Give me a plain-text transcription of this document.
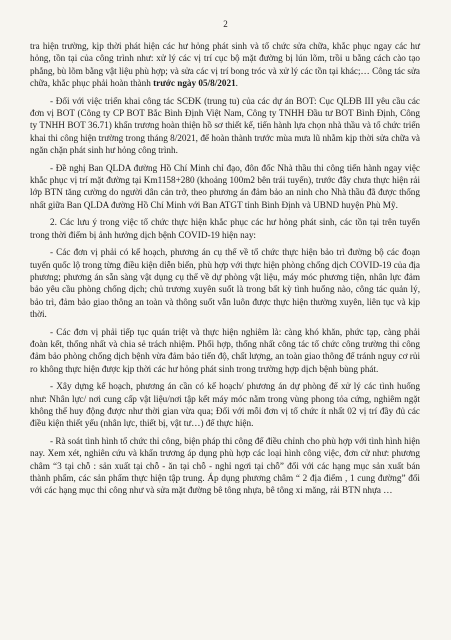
2

tra hiện trường, kịp thời phát hiện các hư hỏng phát sinh và tổ chức sửa chữa, khắc phục ngay các hư hỏng, tồn tại của công trình như: xử lý các vị trí cục bộ mặt đường bị lún lõm, trồi u bằng cách cào tạo phẳng, bù lõm bằng vật liệu phù hợp; và sửa các vị trí bong tróc và xử lý các tồn tại khác;… Công tác sửa chữa, khắc phục phải hoàn thành trước ngày 05/8/2021.

- Đối với việc triển khai công tác SCĐK (trung tu) của các dự án BOT: Cục QLĐB III yêu cầu các đơn vị BOT (Công ty CP BOT Bắc Bình Định Việt Nam, Công ty TNHH Đầu tư BOT Bình Định, Công ty TNHH BOT 36.71) khẩn trương hoàn thiện hồ sơ thiết kế, tiến hành lựa chọn nhà thầu và tổ chức triển khai thi công hiện trường trong tháng 8/2021, để hoàn thành trước mùa mưa lũ nhằm kịp thời sửa chữa và ngăn chặn phát sinh hư hỏng công trình.

- Đề nghị Ban QLDA đường Hồ Chí Minh chỉ đạo, đôn đốc Nhà thầu thi công tiến hành ngay việc khắc phục vị trí mặt đường tại Km1158+280 (khoảng 100m2 bên trái tuyến), trước đây chưa thực hiện rải lớp BTN tăng cường do người dân cản trở, theo phương án đảm bảo an ninh cho Nhà thầu đã được thống nhất giữa Ban QLDA đường Hồ Chí Minh với Ban ATGT tỉnh Bình Định và UBND huyện Phù Mỹ.

2. Các lưu ý trong việc tổ chức thực hiện khắc phục các hư hỏng phát sinh, các tồn tại trên tuyến trong thời điểm bị ảnh hưởng dịch bệnh COVID-19 hiện nay:

- Các đơn vị phải có kế hoạch, phương án cụ thể về tổ chức thực hiện bảo trì đường bộ các đoạn tuyến quốc lộ trong từng điều kiện diễn biến, phù hợp với thực hiện phòng chống dịch COVID-19 của địa phương; phương án sẵn sàng vật dụng cụ thể về dự phòng vật liệu, máy móc phương tiện, nhân lực đảm bảo yêu cầu phòng chống dịch; chủ trương xuyên suốt là trong bất kỳ tình huống nào, công tác quản lý, bảo trì, đảm bảo giao thông an toàn và thông suốt vẫn luôn được thực hiện thường xuyên, liên tục và kịp thời.

- Các đơn vị phải tiếp tục quán triệt và thực hiện nghiêm là: càng khó khăn, phức tạp, càng phải đoàn kết, thống nhất và chia sẻ trách nhiệm. Phối hợp, thống nhất công tác tổ chức công trường thi công đảm bảo phòng chống dịch bệnh vừa đảm bảo tiến độ, chất lượng, an toàn giao thông để tránh nguy cơ rủi ro không thực hiện được kịp thời các hư hỏng phát sinh trong trường hợp dịch bệnh bùng phát.

- Xây dựng kế hoạch, phương án cần có kế hoạch/ phương án dự phòng để xử lý các tình huống như: Nhân lực/ nơi cung cấp vật liệu/nơi tập kết máy móc nằm trong vùng phong tỏa cứng, nghiêm ngặt không thể huy động được như thời gian vừa qua; Đối với mỗi đơn vị tổ chức ít nhất 02 vị trí đầy đủ các điều kiện thiết yếu (nhân lực, thiết bị, vật tư…) để thực hiện.

- Rà soát tình hình tổ chức thi công, biện pháp thi công để điều chỉnh cho phù hợp với tình hình hiện nay. Xem xét, nghiên cứu và khẩn trương áp dụng phù hợp các loại hình công việc, đơn cử như: phương châm “3 tại chỗ : sản xuất tại chỗ - ăn tại chỗ - nghỉ ngơi tại chỗ” đối với các hạng mục sản xuất bán thành phẩm, các sản phẩm thực hiện tập trung. Áp dụng phương châm “ 2 địa điểm , 1 cung đường” đối với các hạng mục thi công như và sửa mặt đường bê tông nhựa, bê tông xi măng, rải BTN nhựa …
